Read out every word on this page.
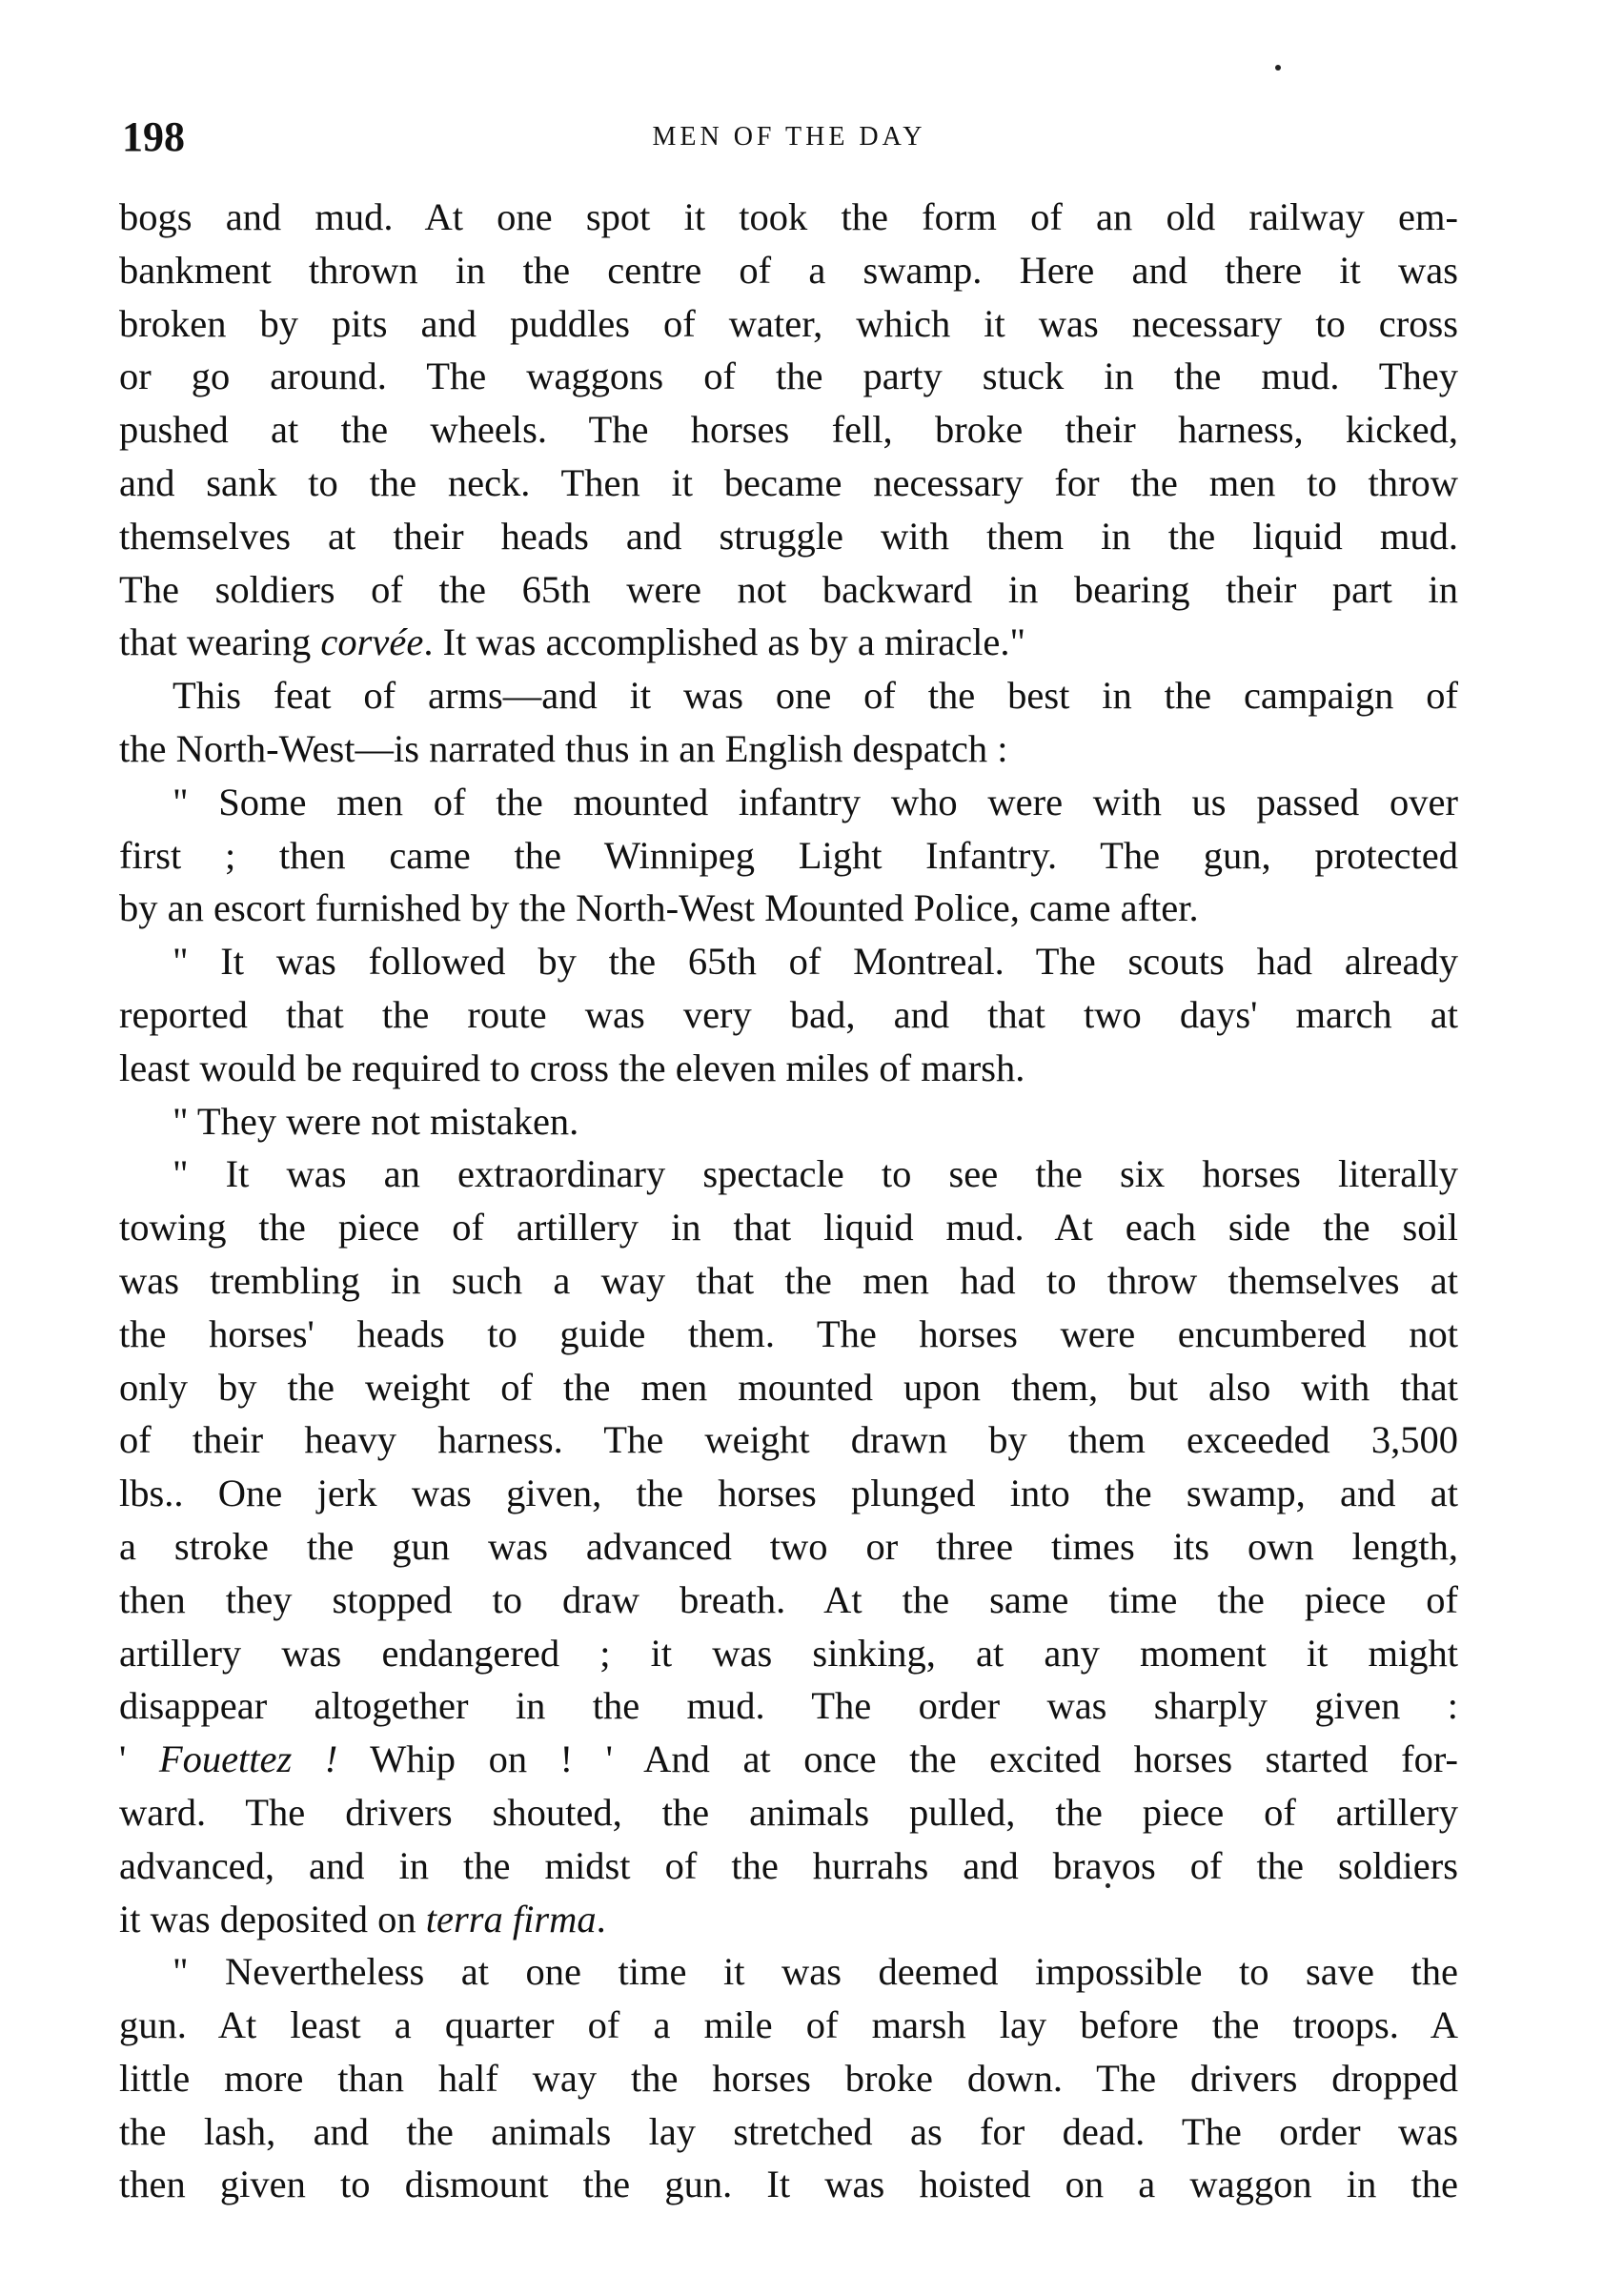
198	MEN OF THE DAY
bogs and mud. At one spot it took the form of an old railway em-
bankment thrown in the centre of a swamp. Here and there it was
broken by pits and puddles of water, which it was necessary to cross
or go around. The waggons of the party stuck in the mud. They
pushed at the wheels. The horses fell, broke their harness, kicked,
and sank to the neck. Then it became necessary for the men to throw
themselves at their heads and struggle with them in the liquid mud.
The soldiers of the 65th were not backward in bearing their part in
that wearing corvée. It was accomplished as by a miracle."
This feat of arms—and it was one of the best in the campaign of
the North-West—is narrated thus in an English despatch :
" Some men of the mounted infantry who were with us passed over
first ; then came the Winnipeg Light Infantry. The gun, protected
by an escort furnished by the North-West Mounted Police, came after.
" It was followed by the 65th of Montreal. The scouts had already
reported that the route was very bad, and that two days' march at
least would be required to cross the eleven miles of marsh.
" They were not mistaken.
" It was an extraordinary spectacle to see the six horses literally
towing the piece of artillery in that liquid mud. At each side the soil
was trembling in such a way that the men had to throw themselves at
the horses' heads to guide them. The horses were encumbered not
only by the weight of the men mounted upon them, but also with that
of their heavy harness. The weight drawn by them exceeded 3,500
lbs.. One jerk was given, the horses plunged into the swamp, and at
a stroke the gun was advanced two or three times its own length,
then they stopped to draw breath. At the same time the piece of
artillery was endangered ; it was sinking, at any moment it might
disappear altogether in the mud. The order was sharply given :
' Fouettez ! Whip on ! ' And at once the excited horses started for-
ward. The drivers shouted, the animals pulled, the piece of artillery
advanced, and in the midst of the hurrahs and bravos of the soldiers
it was deposited on terra firma.
" Nevertheless at one time it was deemed impossible to save the
gun. At least a quarter of a mile of marsh lay before the troops. A
little more than half way the horses broke down. The drivers dropped
the lash, and the animals lay stretched as for dead. The order was
then given to dismount the gun. It was hoisted on a waggon in the
